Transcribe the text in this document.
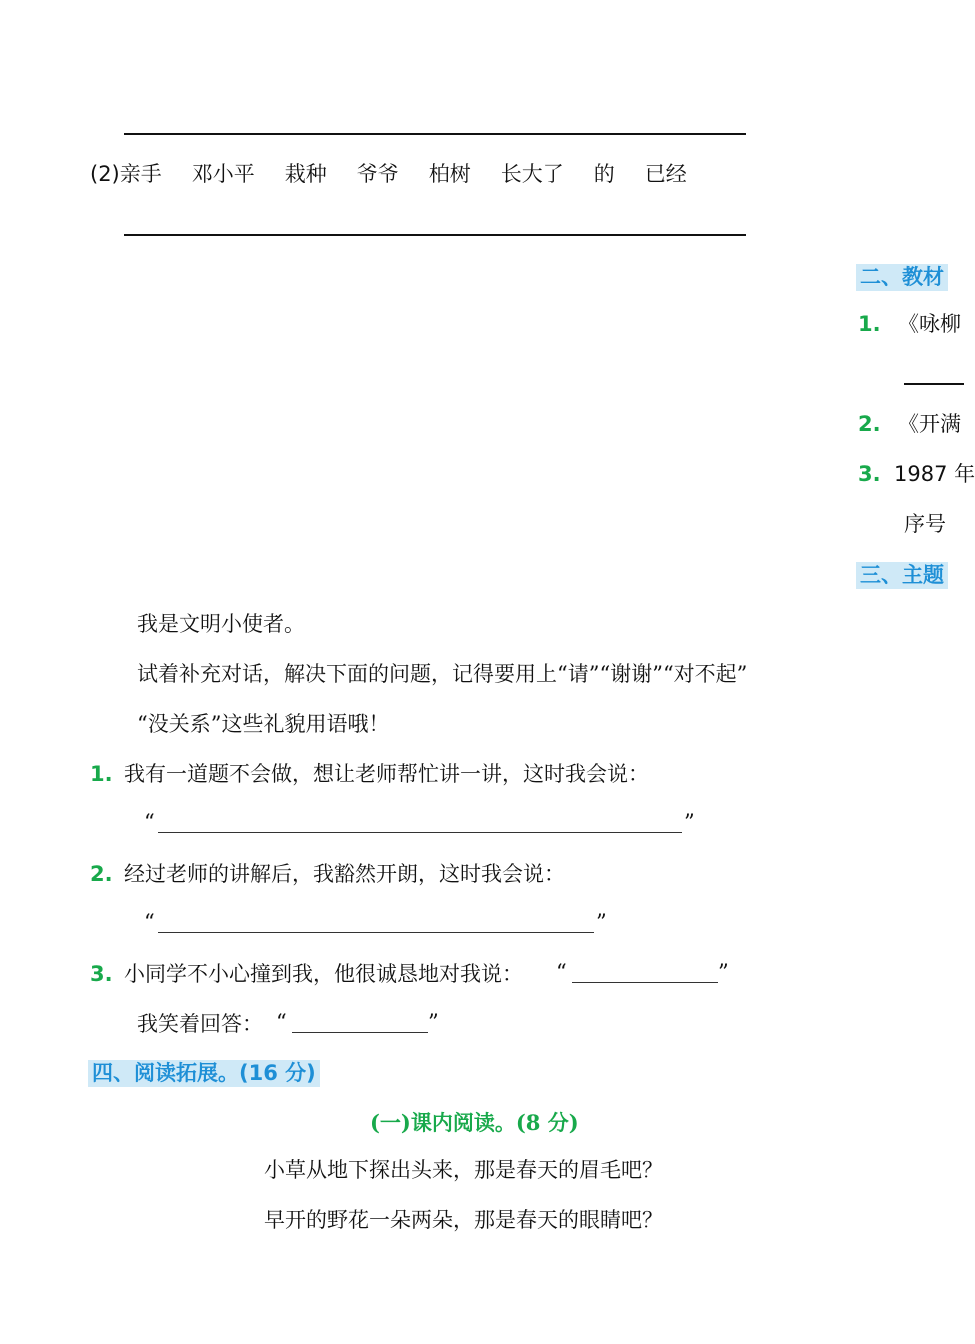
(2)亲手 邓小平 栽种 爷爷 柏树 长大了 的 已经
二、教材
1. 《咏柳
2. 《开满
3. 1987 年
序号
三、主题
我是文明小使者。
试着补充对话，解决下面的问题，记得要用上“请”“谢谢”“对不起”
“没关系”这些礼貌用语哦！
1. 我有一道题不会做，想让老师帮忙讲一讲，这时我会说：
“	”
2. 经过老师的讲解后，我豁然开朗，这时我会说：
“	”
3. 小同学不小心撞到我，他很诚恳地对我说： “	”
我笑着回答： “	”
四、阅读拓展。(16 分)
(一)课内阅读。(8 分)
小草从地下探出头来，那是春天的眉毛吧？
早开的野花一朵两朵，那是春天的眼睛吧？
